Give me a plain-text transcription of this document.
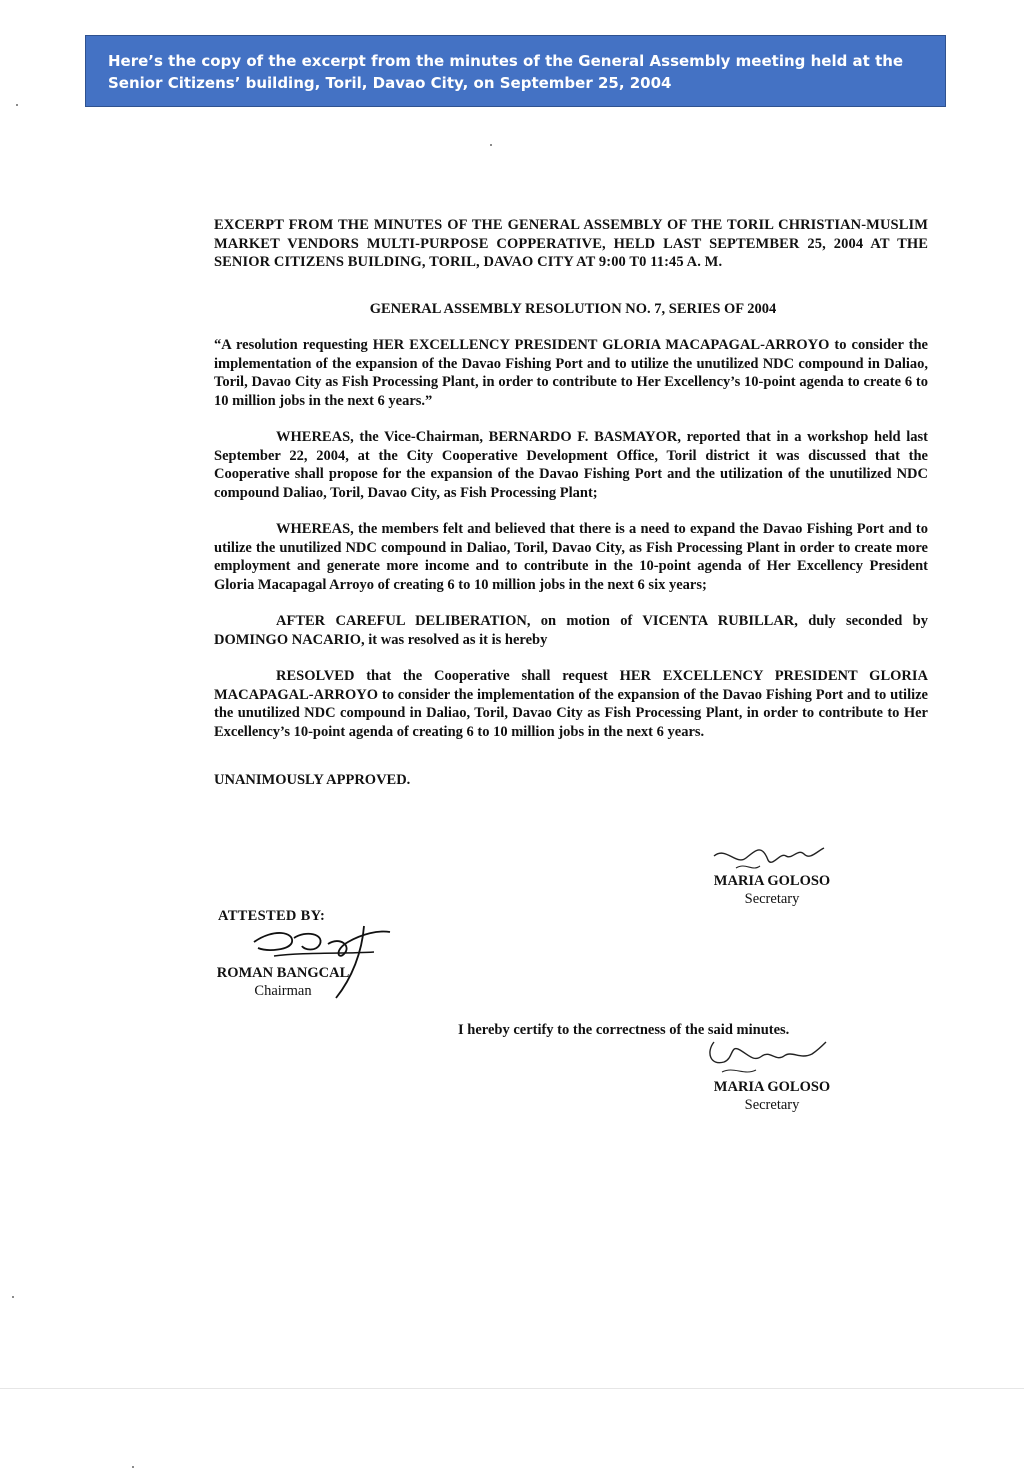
Here’s the copy of the excerpt from the minutes of the General Assembly meeting held at the Senior Citizens’ building, Toril, Davao City, on September 25, 2004
EXCERPT FROM THE MINUTES OF THE GENERAL ASSEMBLY OF THE TORIL CHRISTIAN-MUSLIM MARKET VENDORS MULTI-PURPOSE COPPERATIVE, HELD LAST SEPTEMBER 25, 2004 AT THE SENIOR CITIZENS BUILDING, TORIL, DAVAO CITY AT 9:00 T0 11:45 A. M.
GENERAL ASSEMBLY RESOLUTION NO. 7, SERIES OF 2004
“A resolution requesting HER EXCELLENCY PRESIDENT GLORIA MACAPAGAL-ARROYO to consider the implementation of the expansion of the Davao Fishing Port and to utilize the unutilized NDC compound in Daliao, Toril, Davao City as Fish Processing Plant, in order to contribute to Her Excellency’s 10-point agenda to create 6 to 10 million jobs in the next 6 years.”
WHEREAS, the Vice-Chairman, BERNARDO F. BASMAYOR, reported that in a workshop held last September 22, 2004, at the City Cooperative Development Office, Toril district it was discussed that the Cooperative shall propose for the expansion of the Davao Fishing Port and the utilization of the unutilized NDC compound Daliao, Toril, Davao City, as Fish Processing Plant;
WHEREAS, the members felt and believed that there is a need to expand the Davao Fishing Port and to utilize the unutilized NDC compound in Daliao, Toril, Davao City, as Fish Processing Plant in order to create more employment and generate more income and to contribute in the 10-point agenda of Her Excellency President Gloria Macapagal Arroyo of creating 6 to 10 million jobs in the next 6 six years;
AFTER CAREFUL DELIBERATION, on motion of VICENTA RUBILLAR, duly seconded by DOMINGO NACARIO, it was resolved as it is hereby
RESOLVED that the Cooperative shall request HER EXCELLENCY PRESIDENT GLORIA MACAPAGAL-ARROYO to consider the implementation of the expansion of the Davao Fishing Port and to utilize the unutilized NDC compound in Daliao, Toril, Davao City as Fish Processing Plant, in order to contribute to Her Excellency’s 10-point agenda of creating 6 to 10 million jobs in the next 6 years.
UNANIMOUSLY APPROVED.
MARIA GOLOSO
Secretary
ATTESTED BY:
ROMAN BANGCAL
Chairman
I hereby certify to the correctness of the said minutes.
MARIA GOLOSO
Secretary
